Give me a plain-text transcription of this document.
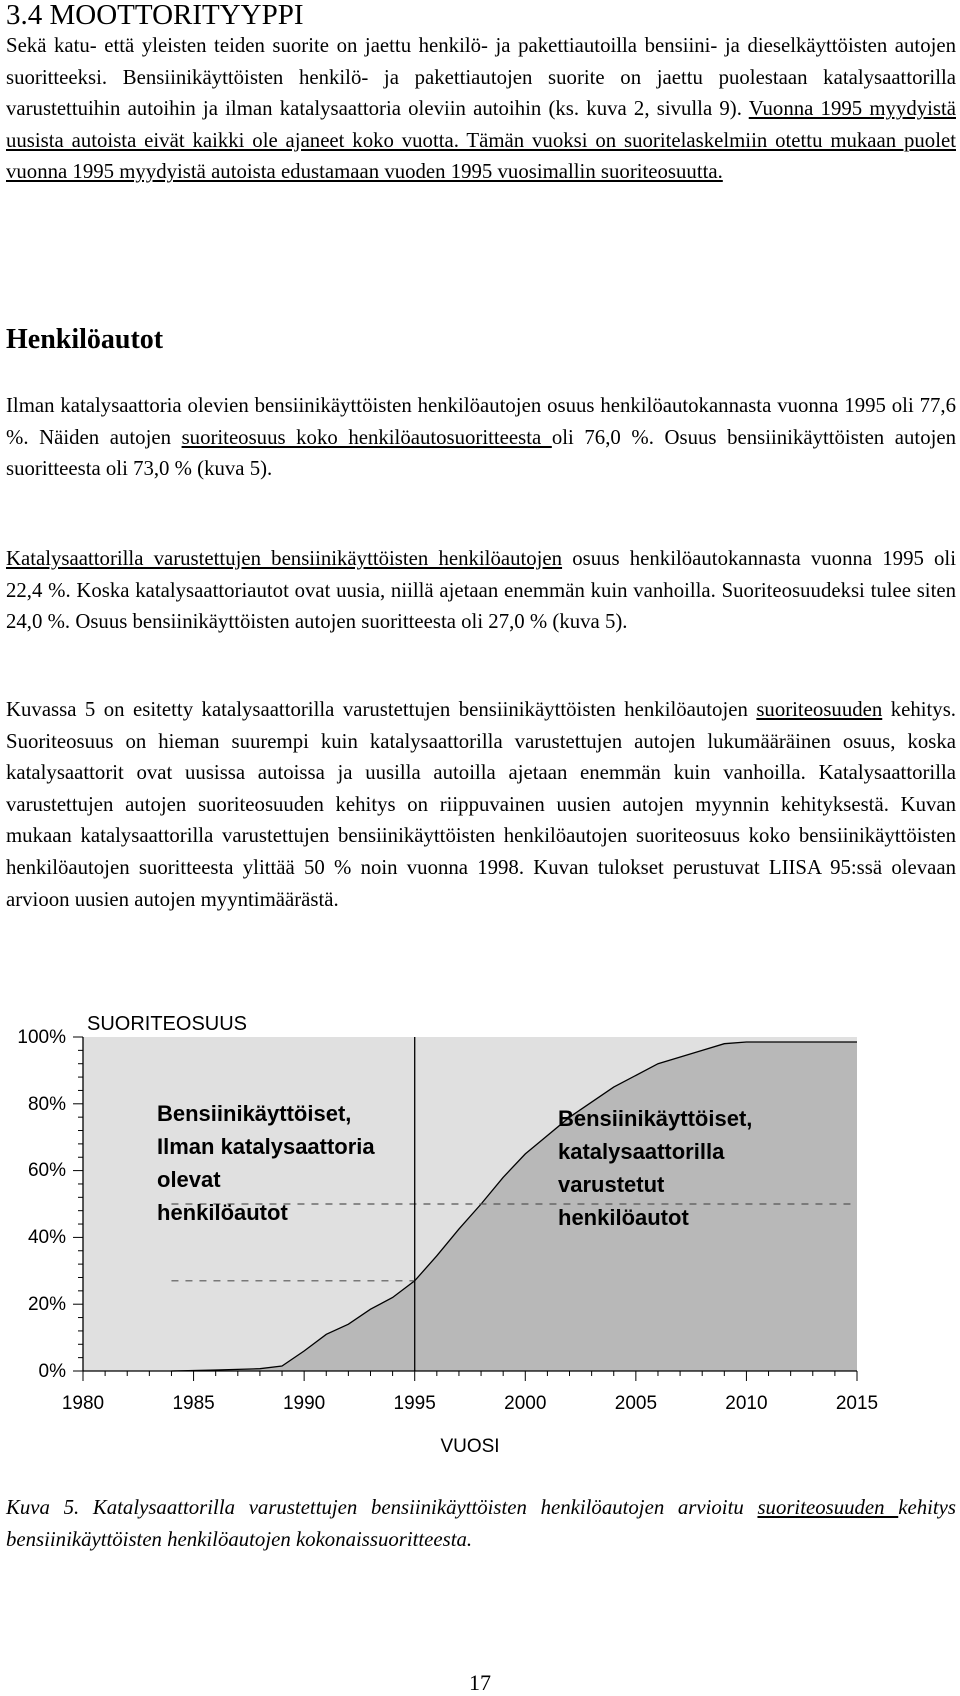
3.4 MOOTTORITYYPPI
Sekä katu- että yleisten teiden suorite on jaettu henkilö- ja pakettiautoilla bensiini- ja dieselkäyttöisten autojen suoritteeksi. Bensiinikäyttöisten henkilö- ja pakettiautojen suorite on jaettu puolestaan katalysaattorilla varustettuihin autoihin ja ilman katalysaattoria oleviin autoihin (ks. kuva 2, sivulla 9). Vuonna 1995 myydyistä uusista autoista eivät kaikki ole ajaneet koko vuotta. Tämän vuoksi on suoritelaskelmiin otettu mukaan puolet vuonna 1995 myydyistä autoista edustamaan vuoden 1995 vuosimallin suoriteosuutta.
Henkilöautot
Ilman katalysaattoria olevien bensiinikäyttöisten henkilöautojen osuus henkilöautokannasta vuonna 1995 oli 77,6 %. Näiden autojen suoriteosuus koko henkilöautosuoritteesta oli 76,0 %. Osuus bensiinikäyttöisten autojen suoritteesta oli 73,0 % (kuva 5).
Katalysaattorilla varustettujen bensiinikäyttöisten henkilöautojen osuus henkilöautokannasta vuonna 1995 oli 22,4 %. Koska katalysaattoriautot ovat uusia, niillä ajetaan enemmän kuin vanhoilla. Suoriteosuudeksi tulee siten 24,0 %. Osuus bensiinikäyttöisten autojen suoritteesta oli 27,0 % (kuva 5).
Kuvassa 5 on esitetty katalysaattorilla varustettujen bensiinikäyttöisten henkilöautojen suoriteosuuden kehitys. Suoriteosuus on hieman suurempi kuin katalysaattorilla varustettujen autojen lukumääräinen osuus, koska katalysaattorit ovat uusissa autoissa ja uusilla autoilla ajetaan enemmän kuin vanhoilla. Katalysaattorilla varustettujen autojen suoriteosuuden kehitys on riippuvainen uusien autojen myynnin kehityksestä. Kuvan mukaan katalysaattorilla varustettujen bensiinikäyttöisten henkilöautojen suoriteosuus koko bensiinikäyttöisten henkilöautojen suoritteesta ylittää 50 % noin vuonna 1998. Kuvan tulokset perustuvat LIISA 95:ssä olevaan arvioon uusien autojen myyntimäärästä.
SUORITEOSUUS
100%
80%
60%
40%
20%
0%
1980	1985	1990	1995	2000	2005	2010	2015
VUOSI
Bensiinikäyttöiset,
Ilman katalysaattoria
olevat
henkilöautot
Bensiinikäyttöiset,
katalysaattorilla
varustetut
henkilöautot
Kuva 5. Katalysaattorilla varustettujen bensiinikäyttöisten henkilöautojen arvioitu suoriteosuuden kehitys bensiinikäyttöisten henkilöautojen kokonaissuoritteesta.
17
